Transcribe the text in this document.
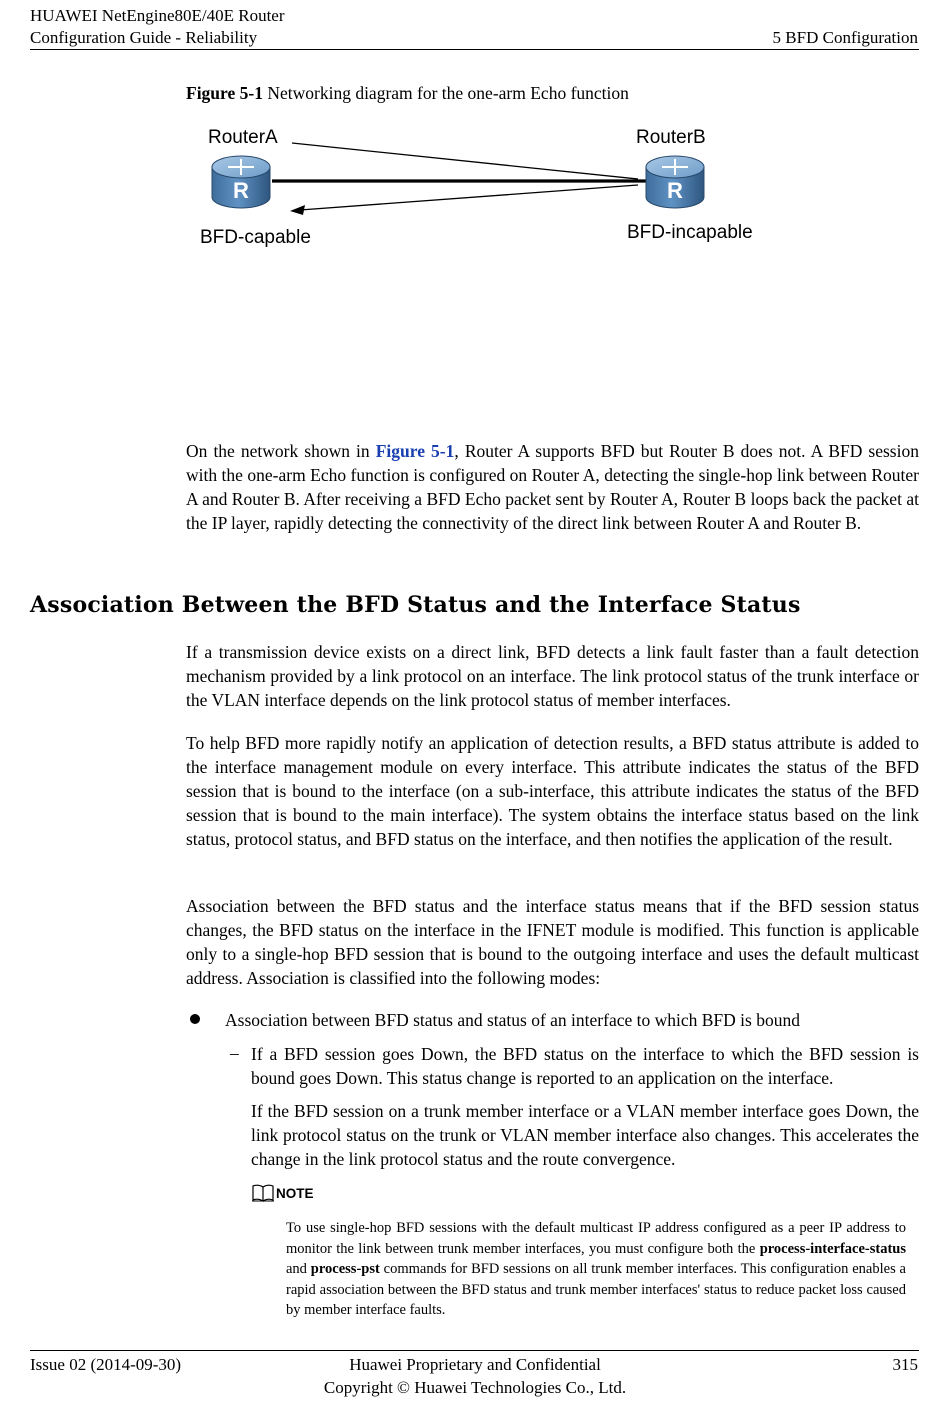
HUAWEI NetEngine80E/40E Router
Configuration Guide - Reliability	5 BFD Configuration
Figure 5-1 Networking diagram for the one-arm Echo function
R	R
RouterA	RouterB
BFD-capable	BFD-incapable

On the network shown in Figure 5-1, Router A supports BFD but Router B does not. A BFD session with the one-arm Echo function is configured on Router A, detecting the single-hop link between Router A and Router B. After receiving a BFD Echo packet sent by Router A, Router B loops back the packet at the IP layer, rapidly detecting the connectivity of the direct link between Router A and Router B.

Association Between the BFD Status and the Interface Status

If a transmission device exists on a direct link, BFD detects a link fault faster than a fault detection mechanism provided by a link protocol on an interface. The link protocol status of the trunk interface or the VLAN interface depends on the link protocol status of member interfaces.

To help BFD more rapidly notify an application of detection results, a BFD status attribute is added to the interface management module on every interface. This attribute indicates the status of the BFD session that is bound to the interface (on a sub-interface, this attribute indicates the status of the BFD session that is bound to the main interface). The system obtains the interface status based on the link status, protocol status, and BFD status on the interface, and then notifies the application of the result.

Association between the BFD status and the interface status means that if the BFD session status changes, the BFD status on the interface in the IFNET module is modified. This function is applicable only to a single-hop BFD session that is bound to the outgoing interface and uses the default multicast address. Association is classified into the following modes:

Association between BFD status and status of an interface to which BFD is bound

– If a BFD session goes Down, the BFD status on the interface to which the BFD session is bound goes Down. This status change is reported to an application on the interface.

If the BFD session on a trunk member interface or a VLAN member interface goes Down, the link protocol status on the trunk or VLAN member interface also changes. This accelerates the change in the link protocol status and the route convergence.

NOTE
To use single-hop BFD sessions with the default multicast IP address configured as a peer IP address to monitor the link between trunk member interfaces, you must configure both the process-interface-status and process-pst commands for BFD sessions on all trunk member interfaces. This configuration enables a rapid association between the BFD status and trunk member interfaces' status to reduce packet loss caused by member interface faults.
Issue 02 (2014-09-30)	Huawei Proprietary and Confidential
Copyright © Huawei Technologies Co., Ltd.
315
